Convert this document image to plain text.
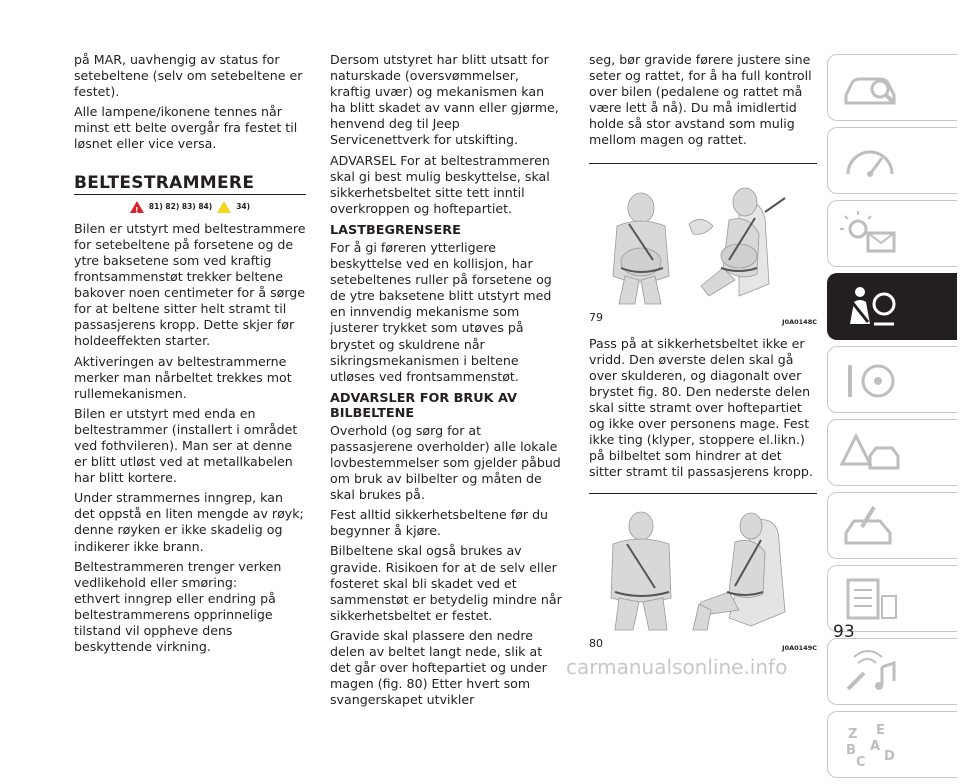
på MAR, uavhengig av status for setebeltene (selv om setebeltene er festet).

Alle lampene/ikonene tennes når minst ett belte overgår fra festet til løsnet eller vice versa.

BELTESTRAMMERE
! 81) 82) 83) 84)	34)

Bilen er utstyrt med beltestrammere for setebeltene på forsetene og de ytre baksetene som ved kraftig frontsammenstøt trekker beltene bakover noen centimeter for å sørge for at beltene sitter helt stramt til passasjerens kropp. Dette skjer før holdeeffekten starter.

Aktiveringen av beltestrammerne merker man nårbeltet trekkes mot rullemekanismen.

Bilen er utstyrt med enda en beltestrammer (installert i området ved fothvileren). Man ser at denne er blitt utløst ved at metallkabelen har blitt kortere.

Under strammernes inngrep, kan det oppstå en liten mengde av røyk; denne røyken er ikke skadelig og indikerer ikke brann.

Beltestrammeren trenger verken vedlikehold eller smøring:

ethvert inngrep eller endring på beltestrammerens opprinnelige tilstand vil oppheve dens beskyttende virkning.

Dersom utstyret har blitt utsatt for naturskade (oversvømmelser, kraftig uvær) og mekanismen kan ha blitt skadet av vann eller gjørme, henvend deg til Jeep Servicenettverk for utskifting.

ADVARSEL For at beltestrammeren skal gi best mulig beskyttelse, skal sikkerhetsbeltet sitte tett inntil overkroppen og hoftepartiet.

LASTBEGRENSERE

For å gi føreren ytterligere beskyttelse ved en kollisjon, har setebeltenes ruller på forsetene og de ytre baksetene blitt utstyrt med en innvendig mekanisme som justerer trykket som utøves på brystet og skuldrene når sikringsmekanismen i beltene utløses ved frontsammenstøt.

ADVARSLER FOR BRUK AV BILBELTENE

Overhold (og sørg for at passasjerene overholder) alle lokale lovbestemmelser som gjelder påbud om bruk av bilbelter og måten de skal brukes på.

Fest alltid sikkerhetsbeltene før du begynner å kjøre.

Bilbeltene skal også brukes av gravide. Risikoen for at de selv eller fosteret skal bli skadet ved et sammenstøt er betydelig mindre når sikkerhetsbeltet er festet.

Gravide skal plassere den nedre delen av beltet langt nede, slik at det går over hoftepartiet og under magen (fig. 80) Etter hvert som svangerskapet utvikler

seg, bør gravide førere justere sine seter og rattet, for å ha full kontroll over bilen (pedalene og rattet må være lett å nå). Du må imidlertid holde så stor avstand som mulig mellom magen og rattet.

79	J0A0148C

Pass på at sikkerhetsbeltet ikke er vridd. Den øverste delen skal gå over skulderen, og diagonalt over brystet fig. 80. Den nederste delen skal sitte stramt over hoftepartiet og ikke over personens mage. Fest ikke ting (klyper, stoppere el.likn.) på bilbeltet som hindrer at det sitter stramt til passasjerens kropp.

80	J0A0149C
Z E
B A
C D
93
carmanualsonline.info
